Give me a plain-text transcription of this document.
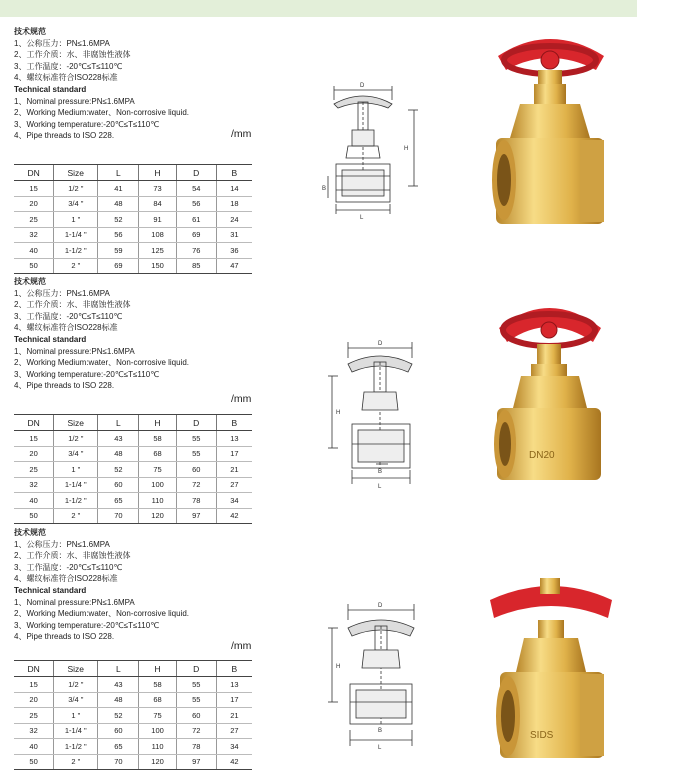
技术规范
1、公称压力：PN≤1.6MPA
2、工作介质：水、非腐蚀性液体
3、工作温度：-20℃≤T≤110℃
4、螺纹标准符合ISO228标准
Technical standard
1、Nominal pressure:PN≤1.6MPA
2、Working Medium:water、Non-corrosive liquid.
3、Working temperature:-20℃≤T≤110℃
4、Pipe threads to ISO 228.	/mm
DN	Size	L	H	D	B
15	1/2 "	41	73	54	14
20	3/4 "	48	84	56	18
25	1 "	52	91	61	24
32	1-1/4 "	56	108	69	31
40	1-1/2 "	59	125	76	36
50	2 "	69	150	85	47
D
H
B
L
技术规范
1、公称压力：PN≤1.6MPA
2、工作介质：水、非腐蚀性液体
3、工作温度：-20℃≤T≤110℃
4、螺纹标准符合ISO228标准
Technical standard
1、Nominal pressure:PN≤1.6MPA
2、Working Medium:water、Non-corrosive liquid.
3、Working temperature:-20℃≤T≤110℃
4、Pipe threads to ISO 228.
/mm
DN	Size	L	H	D	B
15	1/2 "	43	58	55	13
20	3/4 "	48	68	55	17
25	1 "	52	75	60	21
32	1-1/4 "	60	100	72	27
40	1-1/2 "	65	110	78	34
50	2 "	70	120	97	42
D
H
B
L
DN20
技术规范
1、公称压力：PN≤1.6MPA
2、工作介质：水、非腐蚀性液体
3、工作温度：-20℃≤T≤110℃
4、螺纹标准符合ISO228标准
Technical standard
1、Nominal pressure:PN≤1.6MPA
2、Working Medium:water、Non-corrosive liquid.
3、Working temperature:-20℃≤T≤110℃
4、Pipe threads to ISO 228.
/mm
DN	Size	L	H	D	B
15	1/2 "	43	58	55	13
20	3/4 "	48	68	55	17
25	1 "	52	75	60	21
32	1-1/4 "	60	100	72	27
40	1-1/2 "	65	110	78	34
50	2 "	70	120	97	42
D
H
B
L
SIDS
